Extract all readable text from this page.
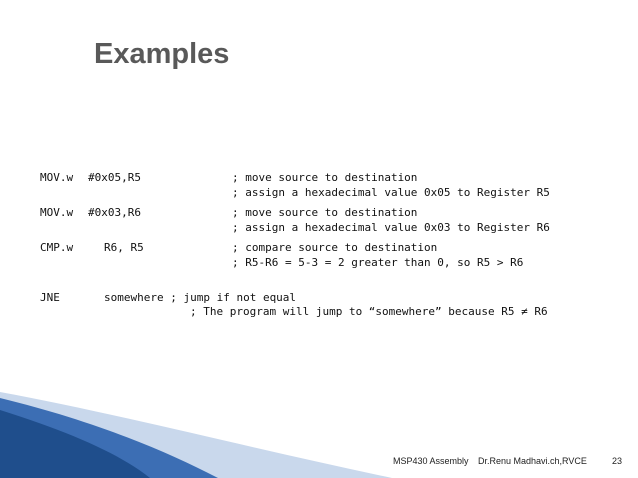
Examples
MOV.w #0x05,R5	; move source to destination
; assign a hexadecimal value 0x05 to Register R5
MOV.w #0x03,R6	; move source to destination
; assign a hexadecimal value 0x03 to Register R6
CMP.w	R6, R5	; compare source to destination
; R5-R6 = 5-3 = 2 greater than 0, so R5 > R6
JNE	somewhere ; jump if not equal
; The program will jump to “somewhere” because R5 ≠ R6
MSP430 Assembly Dr.Renu Madhavi.ch,RVCE	23
